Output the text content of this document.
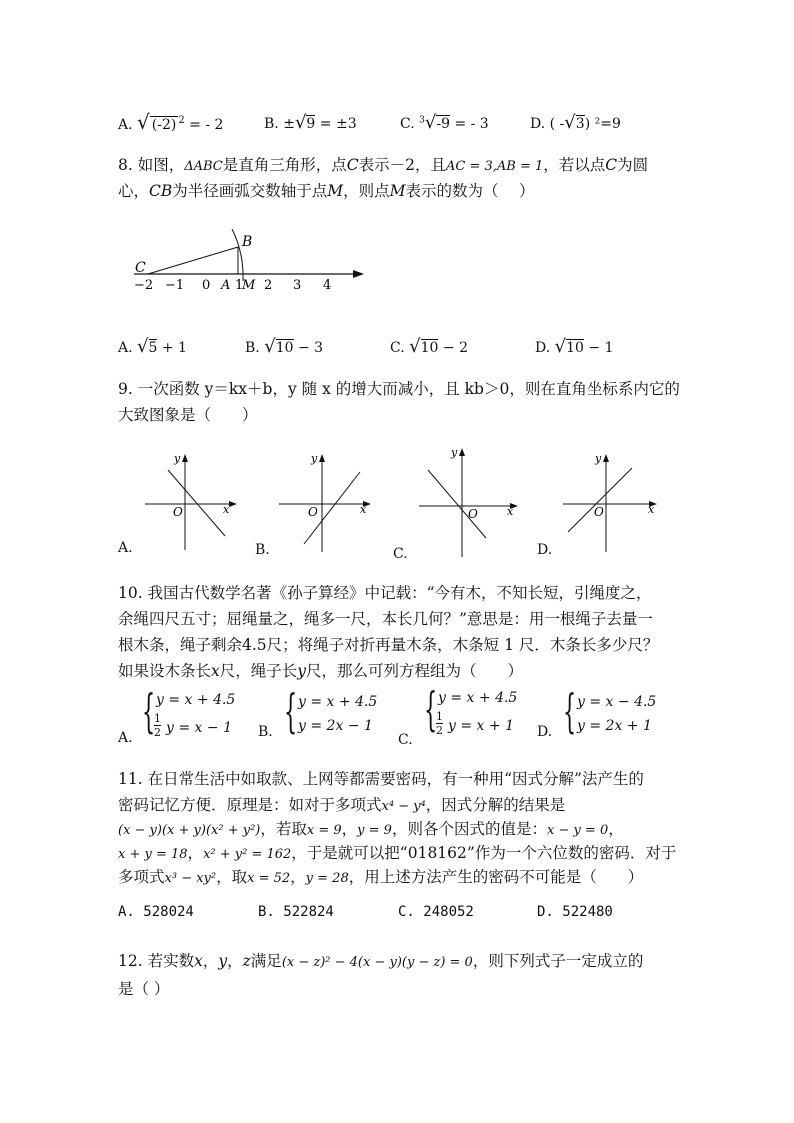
A. √ (-2) $^2$ = - 2	B. ±√9 = ±3	C. $^3$√-9 = - 3	D. ( -√3) ²=9
8. 如图，ΔABC是直角三角形，点C表示－2，且AC = 3,AB = 1，若以点C为圆
心，CB为半径画弧交数轴于点M，则点M表示的数为（　 ）
C
B
A M
−2 −1 0 1 2 3 4
A. √5 + 1	B. √10 − 3	C. √10 − 2	D. √10 − 1
9. 一次函数 y＝kx＋b，y 随 x 的增大而减小，且 kb＞0，则在直角坐标系内它的
大致图象是（　　）
y
x
O
A.
y
x
O
B.
y
x
O
C.
y
x
O
D.
10. 我国古代数学名著《孙子算经》中记载：“今有木，不知长短，引绳度之，
余绳四尺五寸；屈绳量之，绳多一尺，本长几何？”意思是：用一根绳子去量一
根木条，绳子剩余4.5尺；将绳子对折再量木条，木条短 1 尺．木条长多少尺？
如果设木条长x尺，绳子长y尺，那么可列方程组为（　　）
A. { y = x + 4.5
$\frac{1}{2}$ y = x − 1 B. { y = x + 4.5
y = 2x − 1
C.
{ y = x + 4.5
$\frac{1}{2}$ y = x + 1 D. { y = x − 4.5
y = 2x + 1
11. 在日常生活中如取款、上网等都需要密码，有一种用“因式分解”法产生的
密码记忆方便．原理是：如对于多项式x⁴ − y⁴，因式分解的结果是
(x − y)(x + y)(x² + y²)，若取x = 9，y = 9，则各个因式的值是：x − y = 0，
x + y = 18，x² + y² = 162，于是就可以把“018162”作为一个六位数的密码．对于
多项式x³ − xy²，取x = 52，y = 28，用上述方法产生的密码不可能是（　　）
A. 528024	B. 522824	C. 248052	D. 522480
12. 若实数x，y，z满足(x − z)² − 4(x − y)(y − z) = 0，则下列式子一定成立的
是（ ）
